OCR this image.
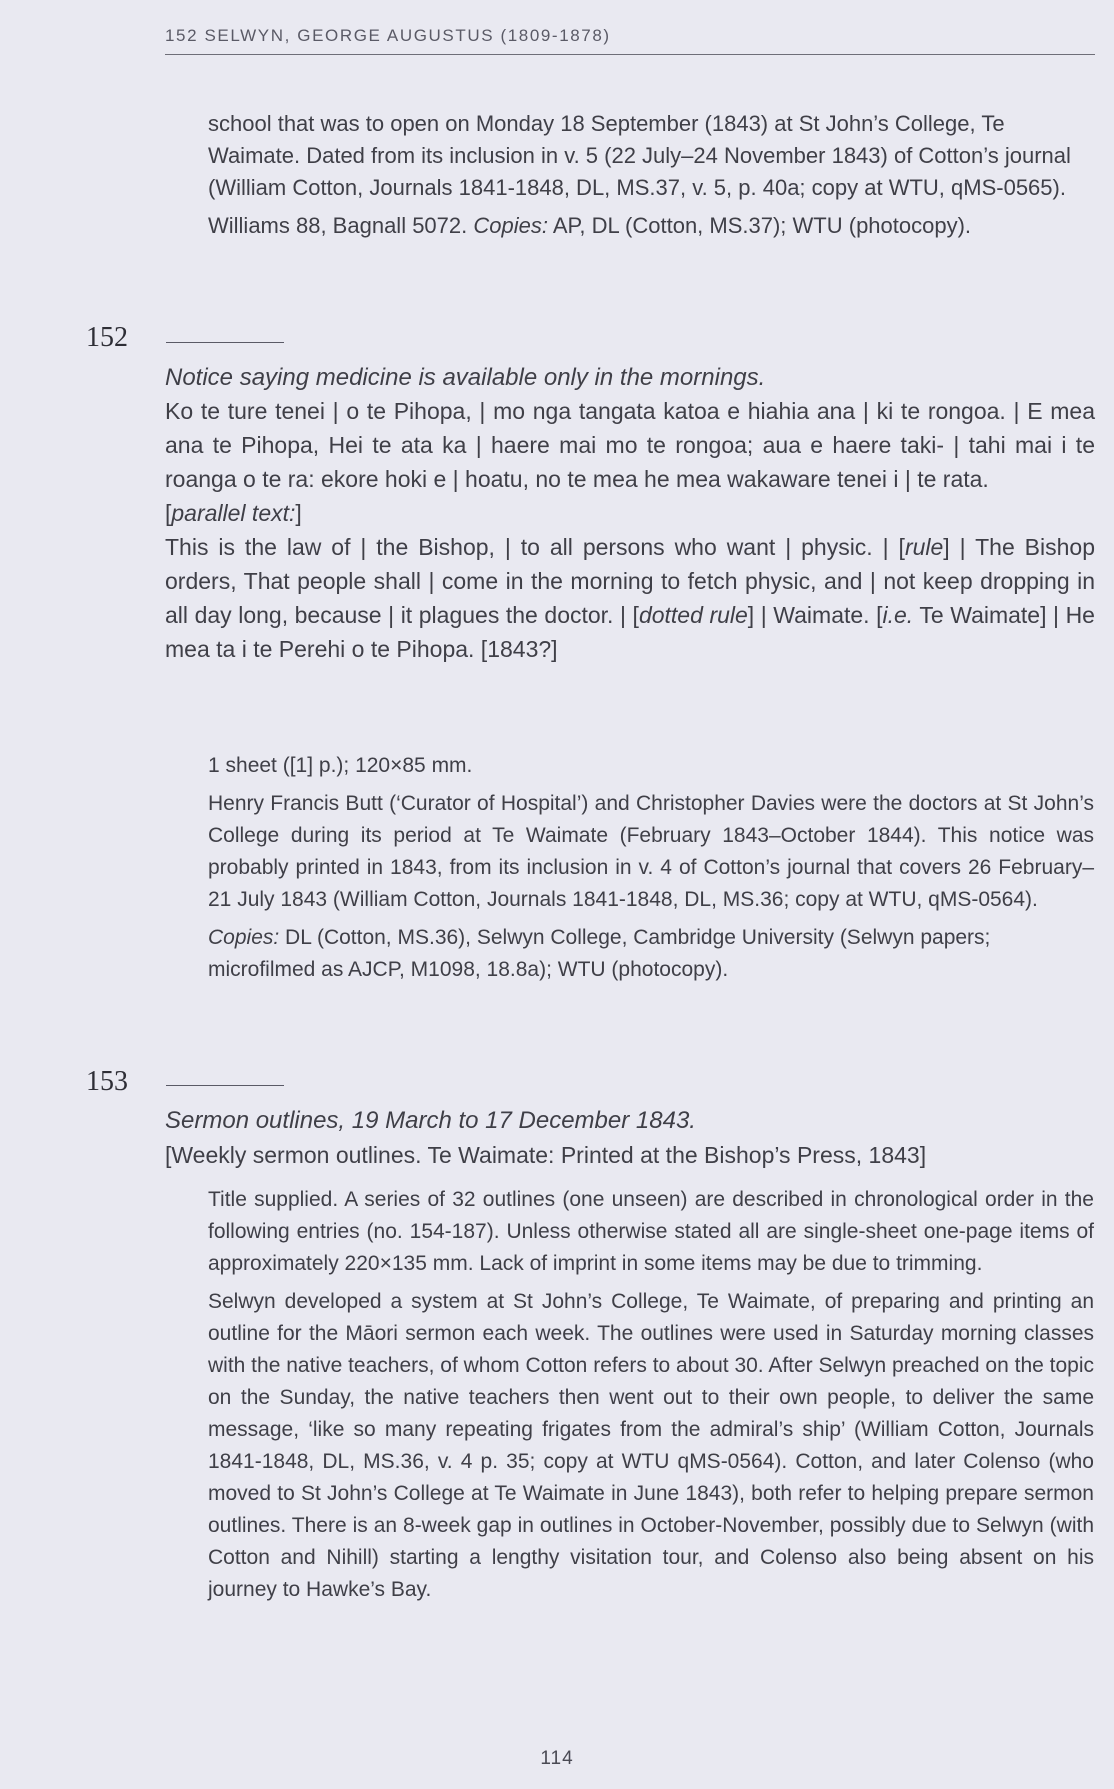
152 SELWYN, GEORGE AUGUSTUS (1809-1878)

school that was to open on Monday 18 September (1843) at St John’s College, Te Waimate. Dated from its inclusion in v. 5 (22 July–24 November 1843) of Cotton’s journal (William Cotton, Journals 1841-1848, DL, MS.37, v. 5, p. 40a; copy at WTU, qMS-0565).

Williams 88, Bagnall 5072. Copies: AP, DL (Cotton, MS.37); WTU (photocopy).

152

Notice saying medicine is available only in the mornings.

Ko te ture tenei | o te Pihopa, | mo nga tangata katoa e hiahia ana | ki te rongoa. | E mea ana te Pihopa, Hei te ata ka | haere mai mo te rongoa; aua e haere taki- | tahi mai i te roanga o te ra: ekore hoki e | hoatu, no te mea he mea wakaware tenei i | te rata.

[parallel text:]

This is the law of | the Bishop, | to all persons who want | physic. | [rule] | The Bishop orders, That people shall | come in the morning to fetch physic, and | not keep dropping in all day long, because | it plagues the doctor. | [dotted rule] | Waimate. [i.e. Te Waimate] | He mea ta i te Perehi o te Pihopa. [1843?]

1 sheet ([1] p.); 120×85 mm.

Henry Francis Butt (‘Curator of Hospital’) and Christopher Davies were the doctors at St John’s College during its period at Te Waimate (February 1843–October 1844). This notice was probably printed in 1843, from its inclusion in v. 4 of Cotton’s journal that covers 26 February–21 July 1843 (William Cotton, Journals 1841-1848, DL, MS.36; copy at WTU, qMS-0564).

Copies: DL (Cotton, MS.36), Selwyn College, Cambridge University (Selwyn papers; microfilmed as AJCP, M1098, 18.8a); WTU (photocopy).

153

Sermon outlines, 19 March to 17 December 1843.

[Weekly sermon outlines. Te Waimate: Printed at the Bishop’s Press, 1843]

Title supplied. A series of 32 outlines (one unseen) are described in chronological order in the following entries (no. 154-187). Unless otherwise stated all are single-sheet one-page items of approximately 220×135 mm. Lack of imprint in some items may be due to trimming.

Selwyn developed a system at St John’s College, Te Waimate, of preparing and printing an outline for the Māori sermon each week. The outlines were used in Saturday morning classes with the native teachers, of whom Cotton refers to about 30. After Selwyn preached on the topic on the Sunday, the native teachers then went out to their own people, to deliver the same message, ‘like so many repeating frigates from the admiral’s ship’ (William Cotton, Journals 1841-1848, DL, MS.36, v. 4 p. 35; copy at WTU qMS-0564). Cotton, and later Colenso (who moved to St John’s College at Te Waimate in June 1843), both refer to helping prepare sermon outlines. There is an 8-week gap in outlines in October-November, possibly due to Selwyn (with Cotton and Nihill) starting a lengthy visitation tour, and Colenso also being absent on his journey to Hawke’s Bay.

114
